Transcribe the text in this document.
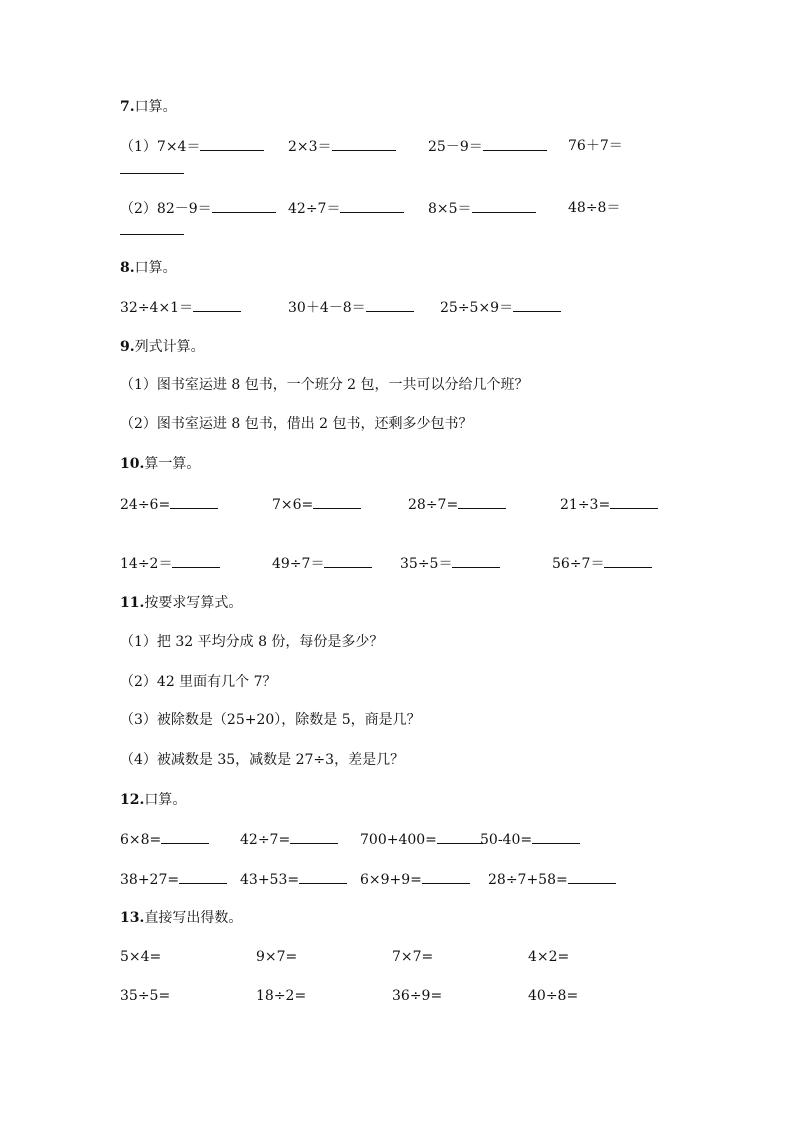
7.口算。
（1）7×4＝	2×3＝	25－9＝	76＋7＝
（2）82－9＝	42÷7＝	8×5＝	48÷8＝
8.口算。
32÷4×1＝	30＋4－8＝	25÷5×9＝
9.列式计算。
（1）图书室运进 8 包书，一个班分 2 包，一共可以分给几个班？
（2）图书室运进 8 包书，借出 2 包书，还剩多少包书？
10.算一算。
24÷6=	7×6=	28÷7=	21÷3=
14÷2＝	49÷7＝	35÷5＝	56÷7＝
11.按要求写算式。
（1）把 32 平均分成 8 份，每份是多少？
（2）42 里面有几个 7？
（3）被除数是（25+20），除数是 5，商是几？
（4）被减数是 35，减数是 27÷3，差是几？
12.口算。
6×8=	42÷7=	700+400=	50-40=
38+27=	43+53=	6×9+9=	28÷7+58=
13.直接写出得数。
5×4=	9×7=	7×7=	4×2=
35÷5=	18÷2=	36÷9=	40÷8=
